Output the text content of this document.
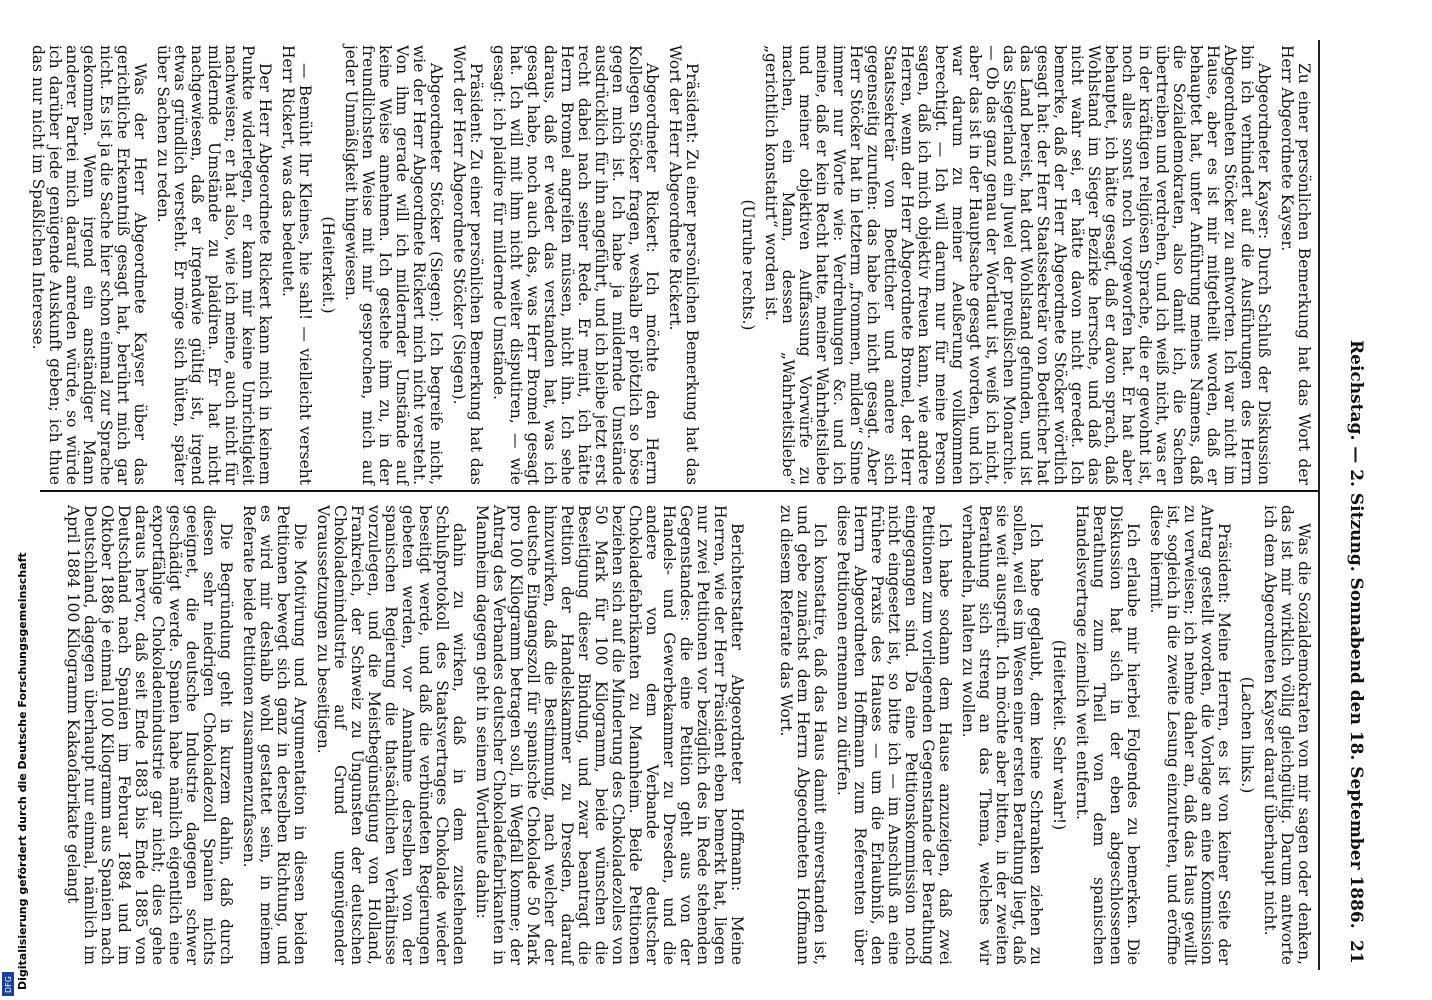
Reichstag. — 2. Sitzung. Sonnabend den 18. September 1886.
21

Zu einer persönlichen Bemerkung hat das Wort der Herr Abgeordnete Kayser.

Abgeordneter Kayser: Durch Schluß der Diskussion bin ich verhindert auf die Ausführungen des Herrn Abgeordneten Stöcker zu antworten. Ich war nicht im Hause, aber es ist mir mitgetheilt worden, daß er behauptet hat, unter Anführung meines Namens, daß die Sozialdemokraten, also damit ich, die Sachen übertreiben und verdrehen, und ich weiß nicht, was er in der kräftigen religiösen Sprache, die er gewohnt ist, noch alles sonst noch vorgeworfen hat. Er hat aber behauptet, ich hätte gesagt, daß er davon sprach, daß Wohlstand im Sieger Bezirke herrsche, und daß das nicht wahr sei, er hätte davon nicht geredet. Ich bemerke, daß der Herr Abgeordnete Stöcker wörtlich gesagt hat: der Herr Staatssekretär von Boetticher hat das Land bereist, hat dort Wohlstand gefunden, und ist das Siegerland ein Juwel der preußischen Monarchie. — Ob das ganz genau der Wortlaut ist, weiß ich nicht, aber das ist in der Hauptsache gesagt worden, und ich war darum zu meiner Aeußerung vollkommen berechtigt. — Ich will darum nur für meine Person sagen, daß ich mich objektiv freuen kann, wie andere Herren, wenn der Herr Abgeordnete Bromel, der Herr Staatssekretär von Boetticher und andere sich gegenseitig zurufen: das habe ich nicht gesagt. Aber Herr Stöcker hat in letzterm „frommen, milden“ Sinne immer nur Worte wie: Verdrehungen &c. und ich meine, daß er kein Recht hatte, meiner Wahrheitsliebe und meiner objektiven Auffassung Vorwürfe zu machen, ein Mann, dessen „Wahrheitsliebe“ „gerichtlich konstatirt“ worden ist.

(Unruhe rechts.)

Präsident: Zu einer persönlichen Bemerkung hat das Wort der Herr Abgeordnete Rickert.

Abgeordneter Rickert: Ich möchte den Herrn Kollegen Stöcker fragen, weshalb er plötzlich so böse gegen mich ist. Ich habe ja mildernde Umstände ausdrücklich für ihn angeführt, und ich bleibe jetzt erst recht dabei nach seiner Rede. Er meint, ich hätte Herrn Bromel angreifen müssen, nicht ihn. Ich sehe daraus, daß er weder das verstanden hat, was ich gesagt habe, noch auch das, was Herr Bromel gesagt hat. Ich will mit ihm nicht weiter disputiren, — wie gesagt: ich plaidire für mildernde Umstände.

Präsident: Zu einer persönlichen Bemerkung hat das Wort der Herr Abgeordnete Stöcker (Siegen).

Abgeordneter Stöcker (Siegen): Ich begreife nicht, wie der Herr Abgeordnete Rickert mich nicht versteht. Von ihm gerade will ich mildernder Umstände auf keine Weise annehmen. Ich gestehe ihm zu, in der freundlichsten Weise mit mir gesprochen, mich auf jeder Unmäßigkeit hingewiesen.

(Heiterkeit.)

— Bemüht Ihr Kleines, hie sahl! — vielleicht verseht Herr Rickert, was das bedeutet.

Der Herr Abgeordnete Rickert kann mich in keinem Punkte widerlegen, er kann mir keine Unrichtigkeit nachweisen; er hat also, wie ich meine, auch nicht für mildernde Umstände zu plaidiren. Er hat nicht nachgewiesen, daß er irgendwie gültig ist, irgend etwas gründlich versteht. Er möge sich hüten, später über Sachen zu reden.

Was der Herr Abgeordnete Kayser über das gerichtliche Erkenntniß gesagt hat, berührt mich gar nicht. Es ist ja die Sache hier schon einmal zur Sprache gekommen. Wenn irgend ein anständiger Mann anderer Partei mich darauf anreden würde, so würde ich darüber jede genügende Auskunft geben; ich thue das nur nicht im Spaßlichen Interesse.

Was die Sozialdemokraten von mir sagen oder denken, das ist mir wirklich völlig gleichgültig. Darum antworte ich dem Abgeordneten Kayser darauf überhaupt nicht.

(Lachen links.)

Präsident: Meine Herren, es ist von keiner Seite der Antrag gestellt worden, die Vorlage an eine Kommission zu verweisen; ich nehme daher an, daß das Haus gewillt ist, sogleich in die zweite Lesung einzutreten, und eröffne diese hiermit.

Ich erlaube mir hierbei Folgendes zu bemerken. Die Diskussion hat sich in der eben abgeschlossenen Berathung zum Theil von dem spanischen Handelsvertrage ziemlich weit entfernt.

(Heiterkeit. Sehr wahr!)

Ich habe geglaubt, dem keine Schranken ziehen zu sollen, weil es im Wesen einer ersten Berathung liegt, daß sie weit ausgreift. Ich möchte aber bitten, in der zweiten Berathung sich streng an das Thema, welches wir verhandeln, halten zu wollen.

Ich habe sodann dem Hause anzuzeigen, daß zwei Petitionen zum vorliegenden Gegenstande der Berathung eingegangen sind. Da eine Petitionskommission noch nicht eingesetzt ist, so bitte ich — im Anschluß an eine frühere Praxis des Hauses — um die Erlaubniß, den Herrn Abgeordneten Hoffmann zum Referenten über diese Petitionen ernennen zu dürfen.

Ich konstatire, daß das Haus damit einverstanden ist, und gebe zunächst dem Herrn Abgeordneten Hoffmann zu diesem Referate das Wort.

Berichterstatter Abgeordneter Hoffmann: Meine Herren, wie der Herr Präsident eben bemerkt hat, liegen nur zwei Petitionen vor bezüglich des in Rede stehenden Gegenstandes: die eine Petition geht aus von der Handels- und Gewerbekammer zu Dresden, und die andere von dem Verbande deutscher Chokoladefabrikanten zu Mannheim. Beide Petitionen beziehen sich auf die Minderung des Chokoladezolles von 50 Mark für 100 Kilogramm, beide wünschen die Beseitigung dieser Bindung, und zwar beantragt die Petition der Handelskammer zu Dresden, darauf hinzuwirken, daß die Bestimmung, nach welcher der deutsche Eingangszoll für spanische Chokolade 50 Mark pro 100 Kilogramm betragen soll, in Wegfall komme; der Antrag des Verbandes deutscher Chokoladefabrikanten in Mannheim dagegen geht in seinem Wortlaute dahin:

dahin zu wirken, daß in dem zustehenden Schlußprotokoll des Staatsvertrages Chokolade wieder beseitigt werde, und daß die verbündeten Regierungen gebeten werden, vor Annahme derselben von der spanischen Regierung die thatsächlichen Verhältnisse vorzulegen, und die Meistbegünstigung von Holland, Frankreich, der Schweiz zu Ungunsten der deutschen Chokoladenindustrie auf Grund ungenügender Voraussetzungen zu beseitigen.

Die Motivirung und Argumentation in diesen beiden Petitionen bewegt sich ganz in derselben Richtung, und es wird mir deshalb wohl gestattet sein, in meinem Referate beide Petitionen zusammenzufassen.

Die Begründung geht in kurzem dahin, daß durch diesen sehr niedrigen Chokoladezoll Spanien nichts geeignet, die deutsche Industrie dagegen schwer geschädigt werde. Spanien habe nämlich eigentlich eine exportfähige Chokoladenindustrie gar nicht; dies gehe daraus hervor, daß seit Ende 1883 bis Ende 1885 von Deutschland nach Spanien im Februar 1884 und im Oktober 1886 je einmal 100 Kilogramm aus Spanien nach Deutschland, dagegen überhaupt nur einmal, nämlich im April 1884 100 Kilogramm Kakaofabrikate gelangt

Digitalisierung gefördert durch die Deutsche Forschungsgemeinschaft
DFG
